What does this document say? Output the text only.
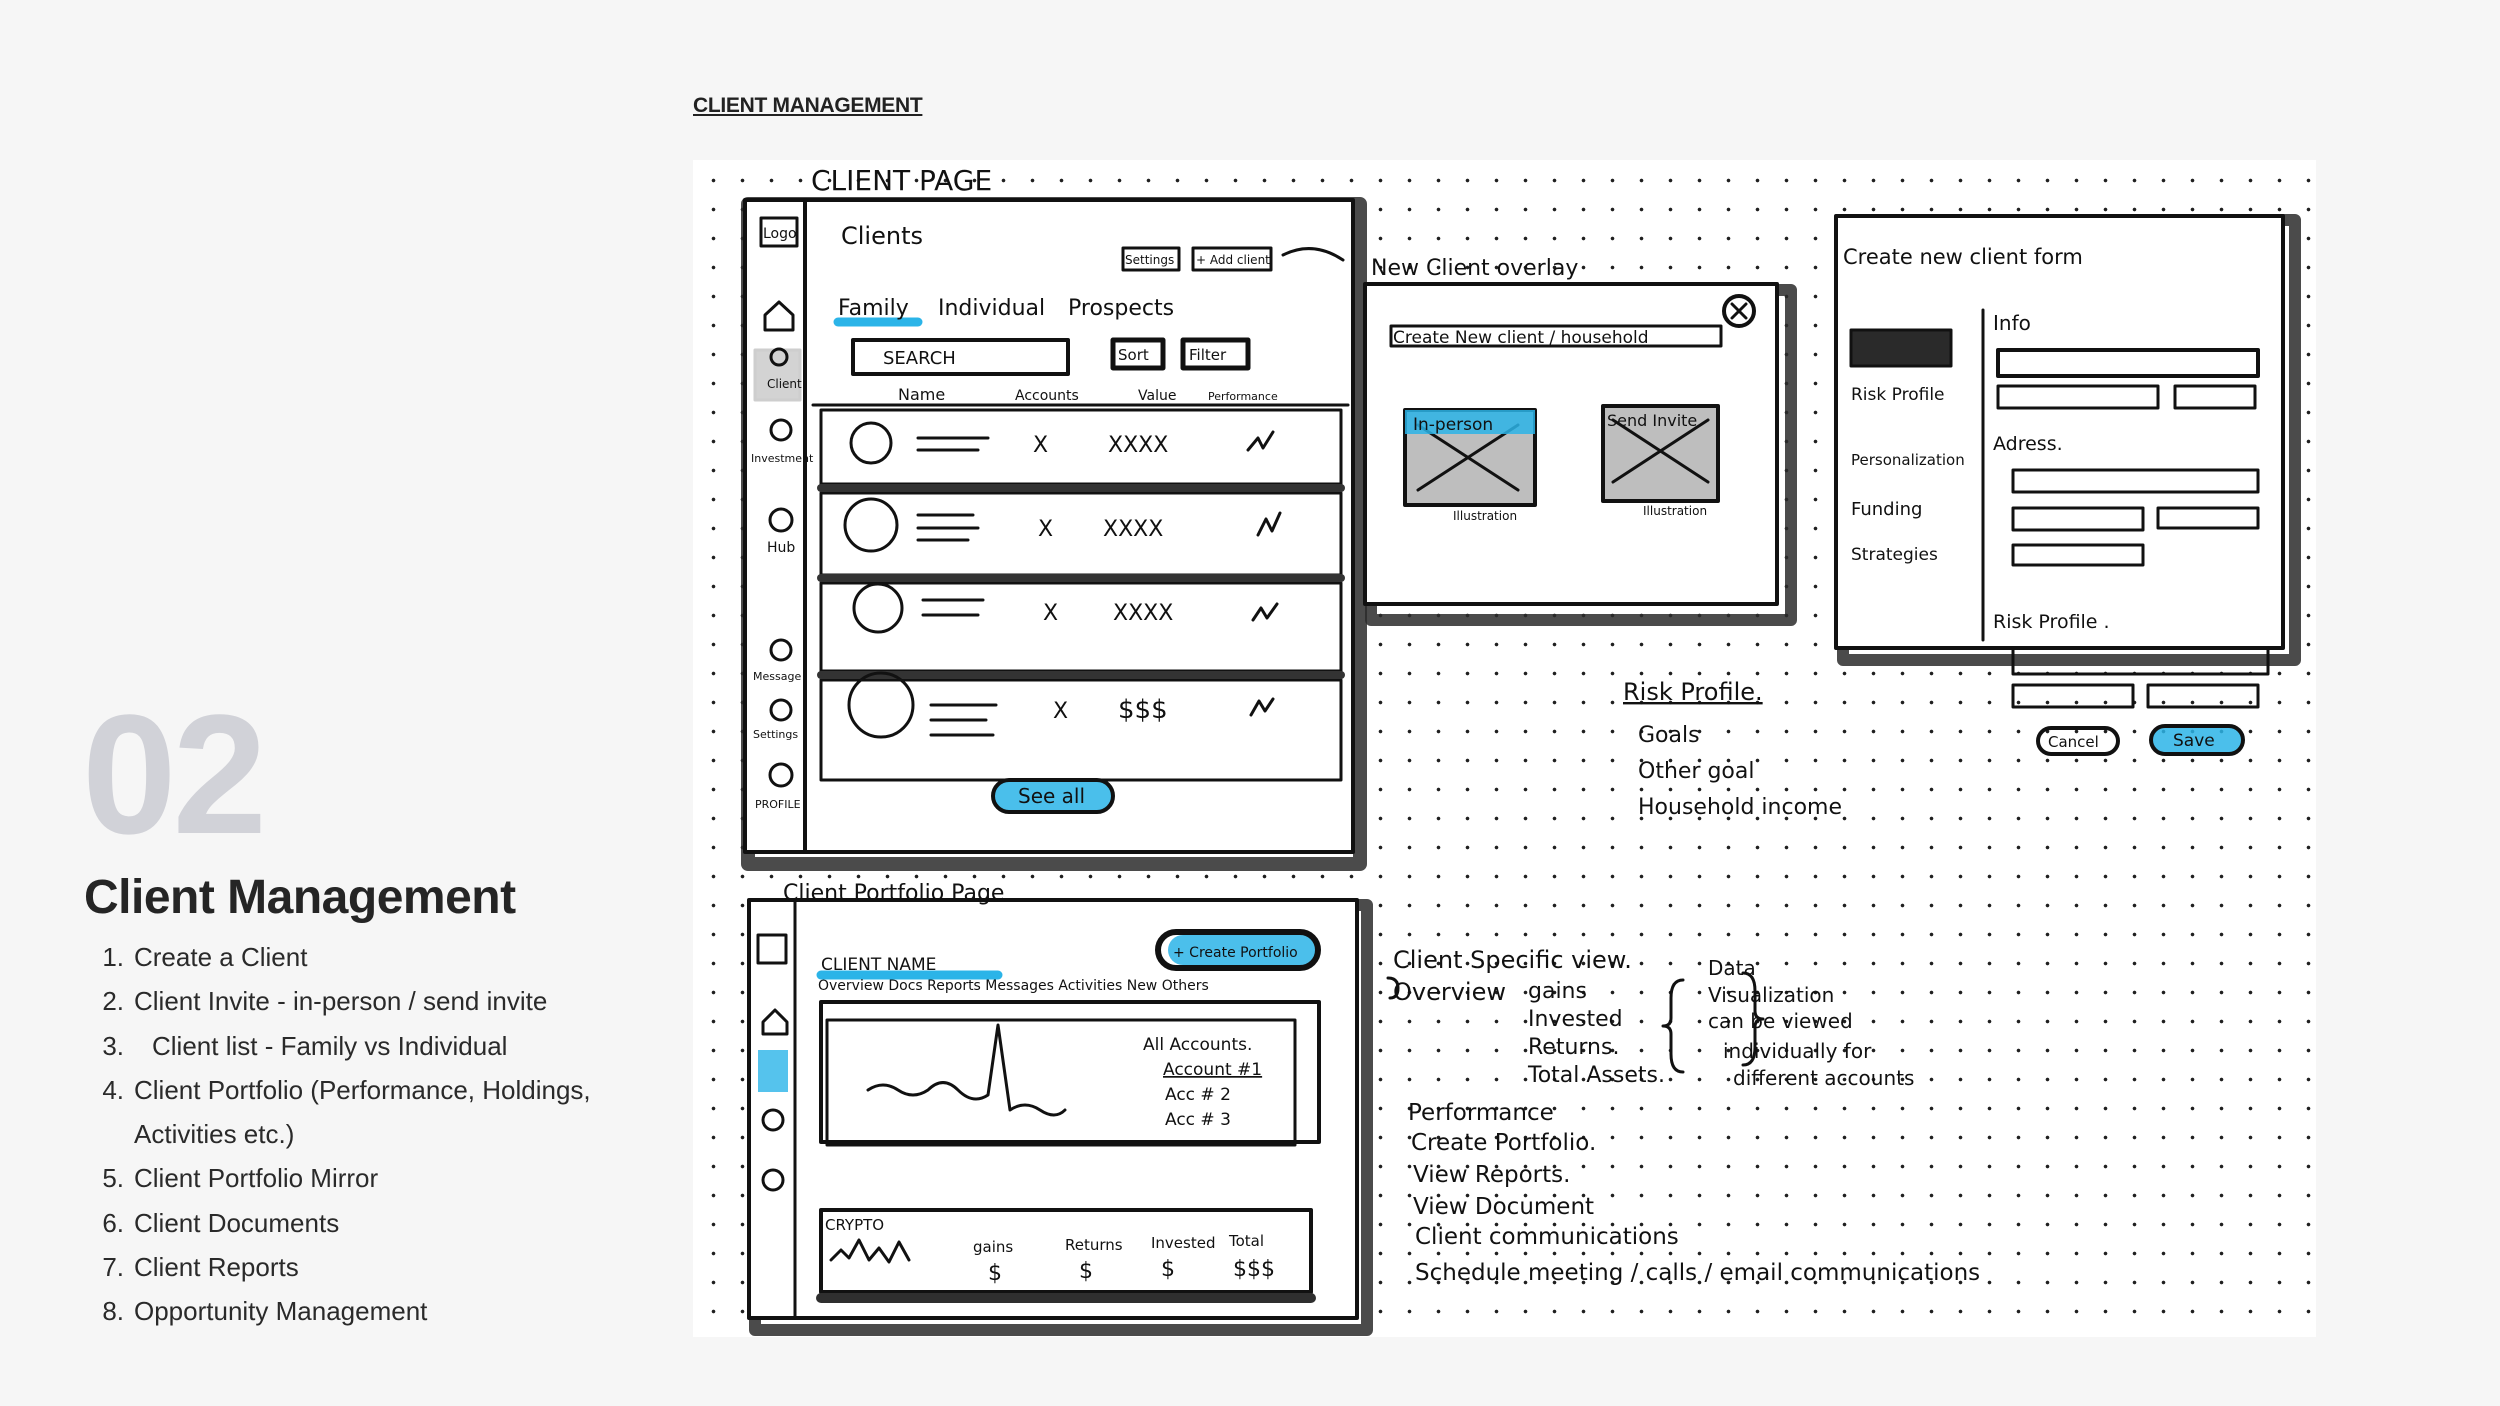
CLIENT MANAGEMENT
02
Client Management
1. Create a Client
2. Client Invite - in-person / send invite
3. Client list - Family vs Individual
4. Client Portfolio (Performance, Holdings, Activities etc.)
5. Client Portfolio Mirror
6. Client Documents
7. Client Reports
8. Opportunity Management
CLIENT PAGE
Logo Clients
Settings + Add client
Family Individual Prospects
SEARCH	Sort	Filter
Name	Accounts	Value	Performance
X	XXXX
X XXXX
X XXXX
X $$$
See all
Client
Investment
Hub
Message
Settings
PROFILE
New Client overlay
Create New client / household
In-person	Send Invite
Illustration	Illustration
Create new client form
Risk Profile
Personalization
Funding
Strategies
Info
Adress.
Risk Profile .
Cancel	Save
Risk Profile.
Goals
Other goal
Household income
Client Portfolio Page
CLIENT NAME
+ Create Portfolio
Overview Docs Reports Messages Activities New Others
All Accounts.
Account #1
Acc # 2
Acc # 3
CRYPTO
gains	Returns Invested Total
$	$	$	$$$
Client Specific view.
Overview gains
Invested
Returns.
Total Assets.
Data
Visualization
can be viewed
individually for
different accounts
Performance
Create Portfolio.
View Reports.
View Document
Client communications
Schedule meeting / calls / email communications
